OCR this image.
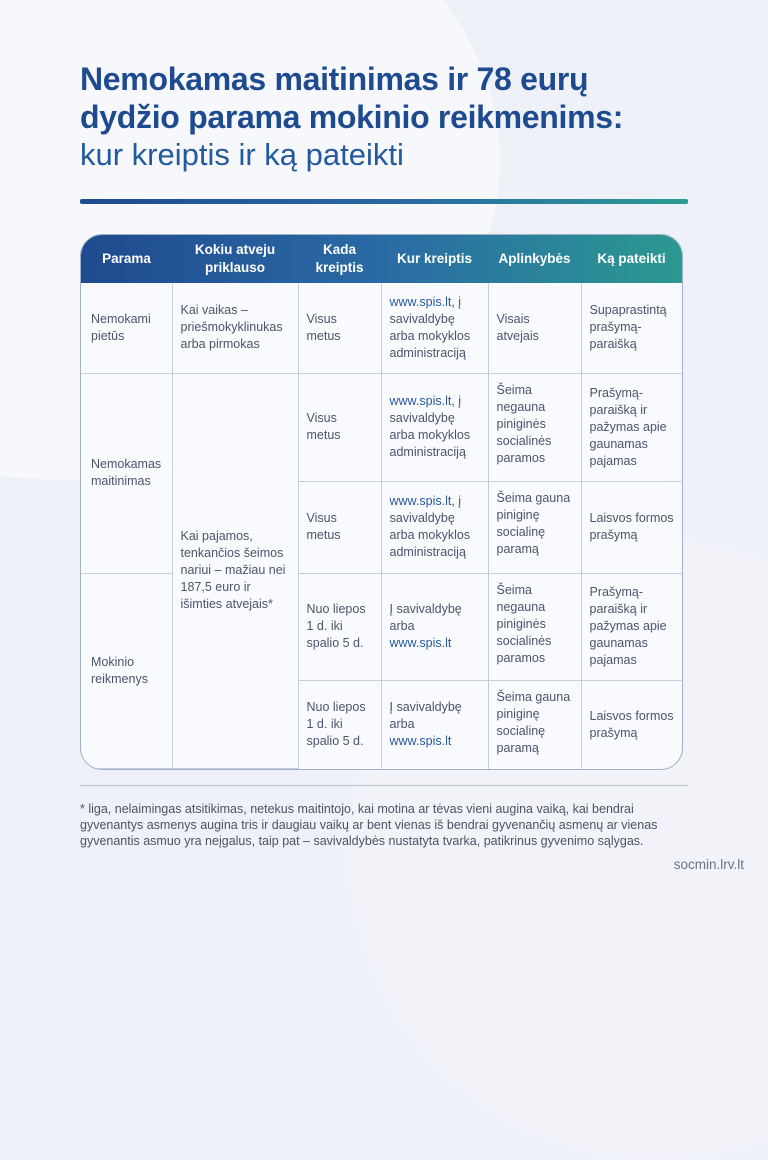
Nemokamas maitinimas ir 78 eurų
dydžio parama mokinio reikmenims:
kur kreiptis ir ką pateikti
Parama	Kokiu atveju priklauso	Kada kreiptis	Kur kreiptis	Aplinkybės	Ką pateikti
Nemokami pietūs	Kai vaikas – priešmokyklinukas arba pirmokas	Visus metus	www.spis.lt, į savivaldybę arba mokyklos administraciją	Visais atvejais	Supaprastintą prašymą-paraišką
Nemokamas maitinimas	Kai pajamos, tenkančios šeimos nariui – mažiau nei 187,5 euro ir išimties atvejais*	Visus metus	www.spis.lt, į savivaldybę arba mokyklos administraciją	Šeima negauna piniginės socialinės paramos	Prašymą-paraišką ir pažymas apie gaunamas pajamas
		Visus metus	www.spis.lt, į savivaldybę arba mokyklos administraciją	Šeima gauna piniginę socialinę paramą	Laisvos formos prašymą
Mokinio reikmenys		Nuo liepos 1 d. iki spalio 5 d.	Į savivaldybę arba www.spis.lt	Šeima negauna piniginės socialinės paramos	Prašymą-paraišką ir pažymas apie gaunamas pajamas
		Nuo liepos 1 d. iki spalio 5 d.	Į savivaldybę arba www.spis.lt	Šeima gauna piniginę socialinę paramą	Laisvos formos prašymą
* liga, nelaimingas atsitikimas, netekus maitintojo, kai motina ar tėvas vieni augina vaiką, kai bendrai gyvenantys asmenys augina tris ir daugiau vaikų ar bent vienas iš bendrai gyvenančių asmenų ar vienas gyvenantis asmuo yra neįgalus, taip pat – savivaldybės nustatyta tvarka, patikrinus gyvenimo sąlygas.
socmin.lrv.lt
